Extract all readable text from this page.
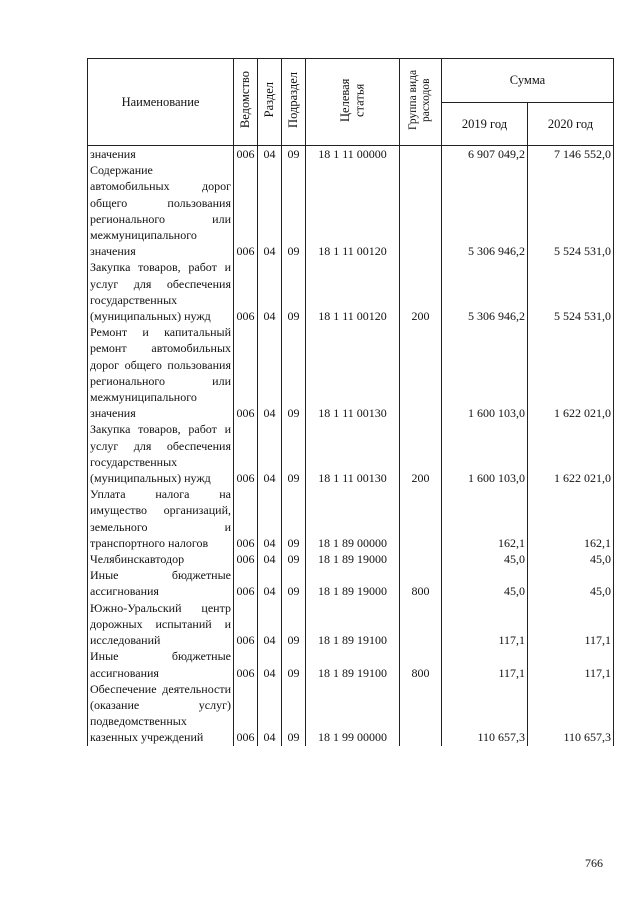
Наименование	Ведомство	Раздел	Подраздел	Целевая статья	Группа вида расходов	Сумма	
						2019 год	2020 год
значения	006	04	09	18 1 11 00000		6 907 049,2	7 146 552,0
Содержание автомобильных дорог общего пользования регионального или межмуниципального значения	006	04	09	18 1 11 00120		5 306 946,2	5 524 531,0
Закупка товаров, работ и услуг для обеспечения государственных (муниципальных) нужд	006	04	09	18 1 11 00120	200	5 306 946,2	5 524 531,0
Ремонт и капитальный ремонт автомобильных дорог общего пользования регионального или межмуниципального значения	006	04	09	18 1 11 00130		1 600 103,0	1 622 021,0
Закупка товаров, работ и услуг для обеспечения государственных (муниципальных) нужд	006	04	09	18 1 11 00130	200	1 600 103,0	1 622 021,0
Уплата налога на имущество организаций, земельного и транспортного налогов	006	04	09	18 1 89 00000		162,1	162,1
Челябинскавтодор	006	04	09	18 1 89 19000		45,0	45,0
Иные бюджетные ассигнования	006	04	09	18 1 89 19000	800	45,0	45,0
Южно-Уральский центр дорожных испытаний и исследований	006	04	09	18 1 89 19100		117,1	117,1
Иные бюджетные ассигнования	006	04	09	18 1 89 19100	800	117,1	117,1
Обеспечение деятельности (оказание услуг) подведомственных казенных учреждений	006	04	09	18 1 99 00000		110 657,3	110 657,3
766
